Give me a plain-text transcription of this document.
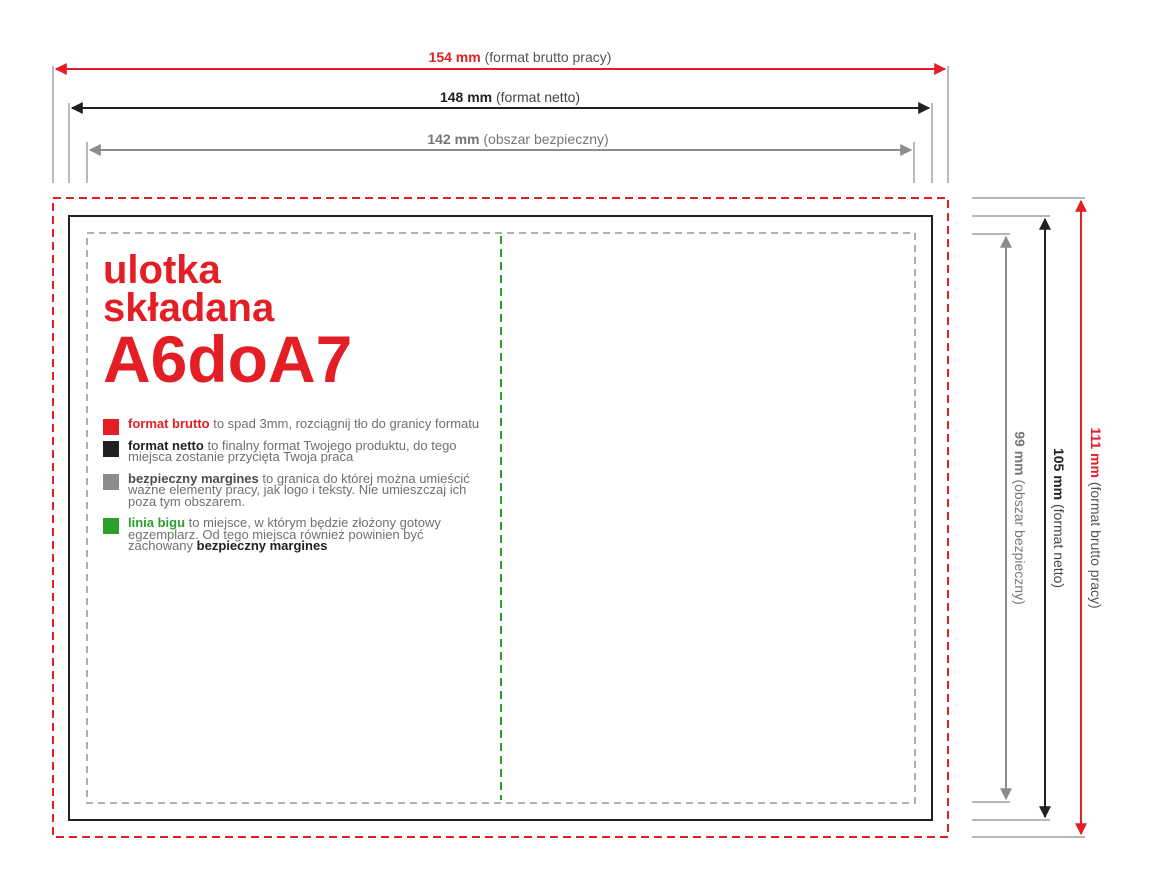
154 mm (format brutto pracy)
148 mm (format netto)
142 mm (obszar bezpieczny)
99 mm (obszar bezpieczny)
105 mm (format netto)
111 mm (format brutto pracy)
ulotka
składana
A6doA7
format brutto to spad 3mm, rozciągnij tło do granicy formatu
format netto to finalny format Twojego produktu, do tego miejsca zostanie przycięta Twoja praca
bezpieczny margines to granica do której można umieścić ważne elementy pracy, jak logo i teksty. Nie umieszczaj ich poza tym obszarem.
linia bigu to miejsce, w którym będzie złożony gotowy egzemplarz. Od tego miejsca również powinien być zachowany bezpieczny margines
